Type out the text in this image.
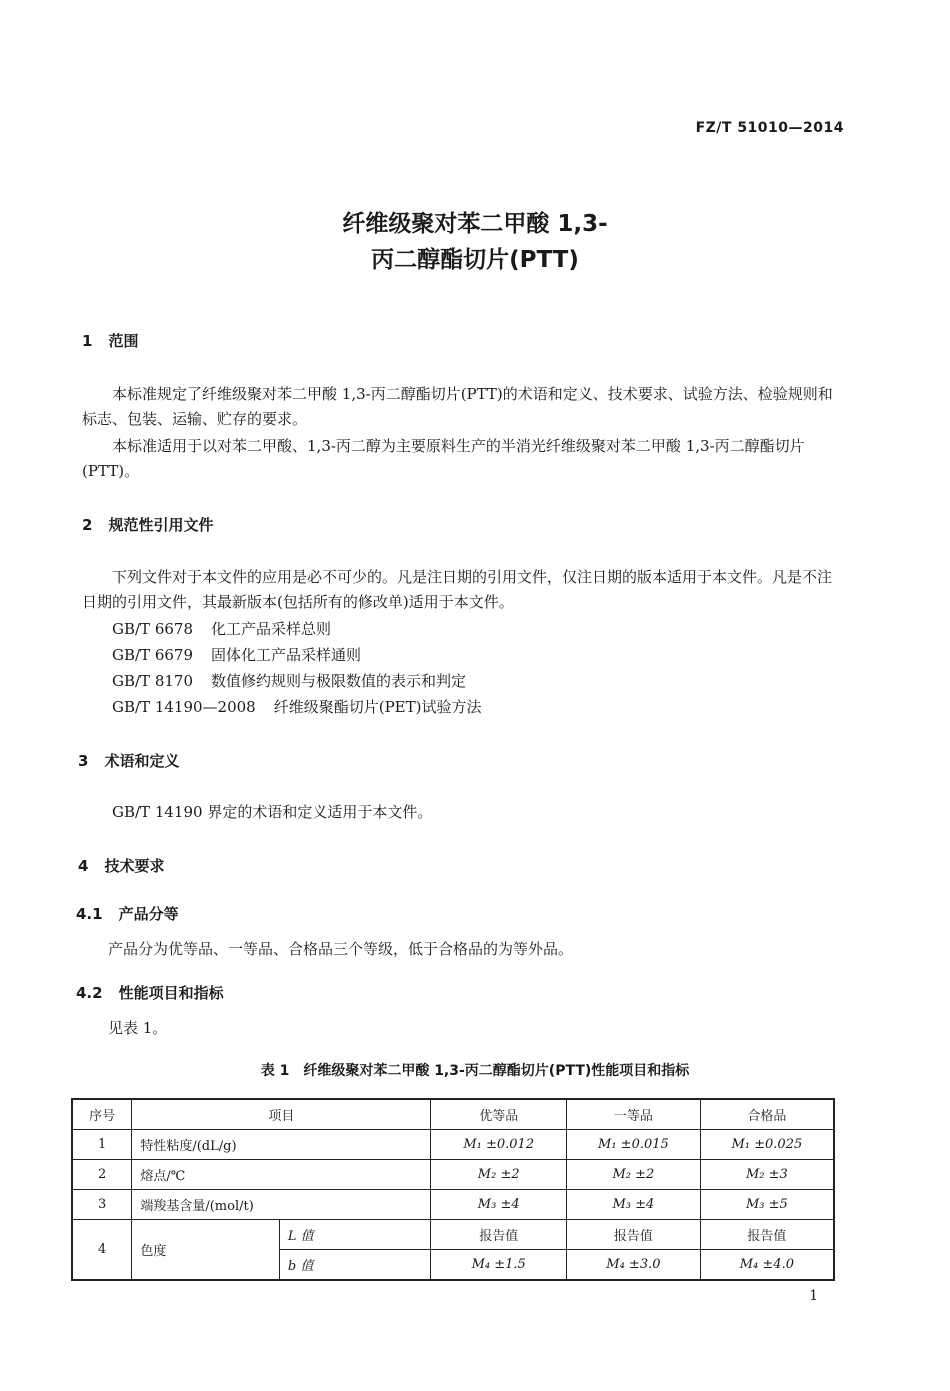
FZ/T 51010—2014
纤维级聚对苯二甲酸 1,3-
丙二醇酯切片(PTT)
1 范围
本标准规定了纤维级聚对苯二甲酸 1,3-丙二醇酯切片(PTT)的术语和定义、技术要求、试验方法、检验规则和标志、包装、运输、贮存的要求。
本标准适用于以对苯二甲酸、1,3-丙二醇为主要原料生产的半消光纤维级聚对苯二甲酸 1,3-丙二醇酯切片(PTT)。
2 规范性引用文件
下列文件对于本文件的应用是必不可少的。凡是注日期的引用文件，仅注日期的版本适用于本文件。凡是不注日期的引用文件，其最新版本(包括所有的修改单)适用于本文件。
GB/T 6678 化工产品采样总则
GB/T 6679 固体化工产品采样通则
GB/T 8170 数值修约规则与极限数值的表示和判定
GB/T 14190—2008 纤维级聚酯切片(PET)试验方法
3 术语和定义
GB/T 14190 界定的术语和定义适用于本文件。
4 技术要求
4.1 产品分等
产品分为优等品、一等品、合格品三个等级，低于合格品的为等外品。
4.2 性能项目和指标
见表 1。
表 1　纤维级聚对苯二甲酸 1,3-丙二醇酯切片(PTT)性能项目和指标
序号	项目		优等品	一等品	合格品
1	特性粘度/(dL/g)		M₁ ±0.012	M₁ ±0.015	M₁ ±0.025
2	熔点/℃		M₂ ±2	M₂ ±2	M₂ ±3
3	端羧基含量/(mol/t)		M₃ ±4	M₃ ±4	M₃ ±5
4	色度	L 值	报告值	报告值	报告值
		b 值	M₄ ±1.5	M₄ ±3.0	M₄ ±4.0
1
